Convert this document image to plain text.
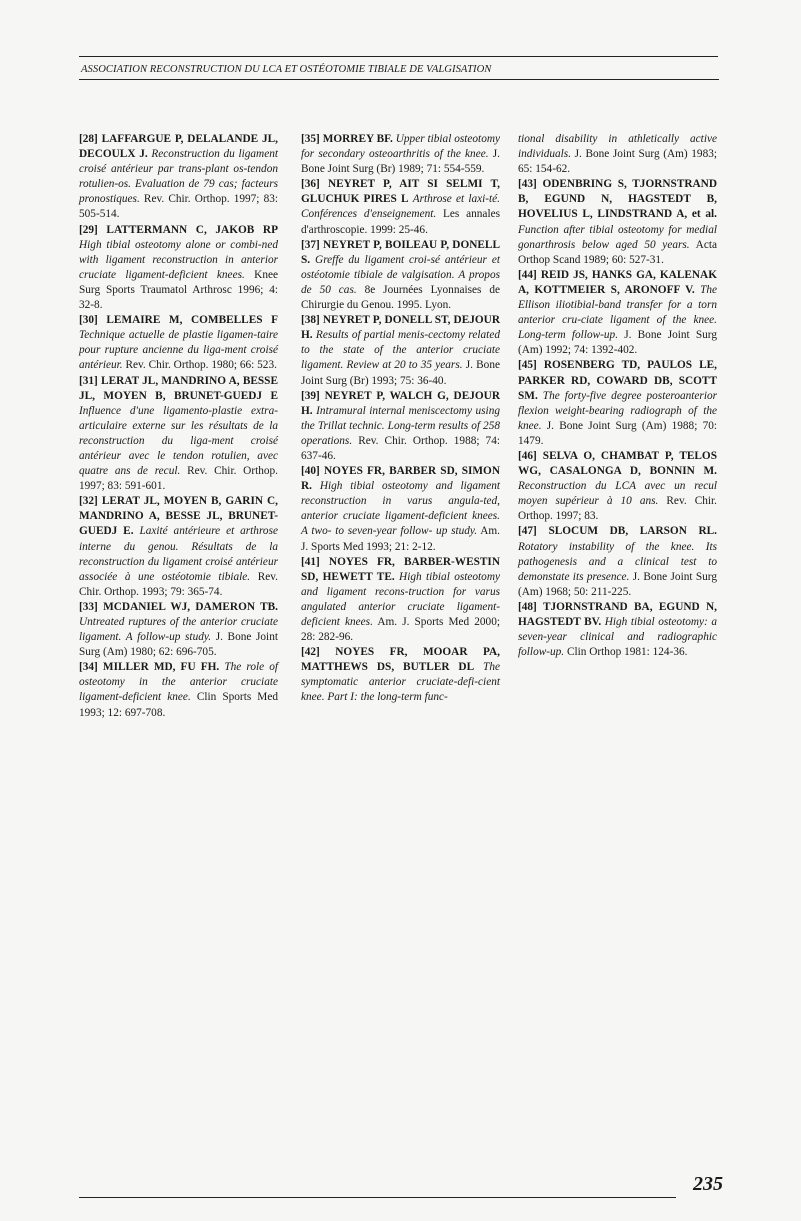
ASSOCIATION RECONSTRUCTION DU LCA ET OSTÉOTOMIE TIBIALE DE VALGISATION

[28] LAFFARGUE P, DELALANDE JL, DECOULX J. Reconstruction du ligament croisé antérieur par trans-plant os-tendon rotulien-os. Evaluation de 79 cas; facteurs pronostiques. Rev. Chir. Orthop. 1997; 83: 505-514.

[29] LATTERMANN C, JAKOB RP High tibial osteotomy alone or combi-ned with ligament reconstruction in anterior cruciate ligament-deficient knees. Knee Surg Sports Traumatol Arthrosc 1996; 4: 32-8.

[30] LEMAIRE M, COMBELLES F Technique actuelle de plastie ligamen-taire pour rupture ancienne du liga-ment croisé antérieur. Rev. Chir. Orthop. 1980; 66: 523.

[31] LERAT JL, MANDRINO A, BESSE JL, MOYEN B, BRUNET-GUEDJ E Influence d'une ligamento-plastie extra-articulaire externe sur les résultats de la reconstruction du liga-ment croisé antérieur avec le tendon rotulien, avec quatre ans de recul. Rev. Chir. Orthop. 1997; 83: 591-601.

[32] LERAT JL, MOYEN B, GARIN C, MANDRINO A, BESSE JL, BRUNET-GUEDJ E. Laxité antérieure et arthrose interne du genou. Résultats de la reconstruction du ligament croisé antérieur associée à une ostéotomie tibiale. Rev. Chir. Orthop. 1993; 79: 365-74.

[33] MCDANIEL WJ, DAMERON TB. Untreated ruptures of the anterior cruciate ligament. A follow-up study. J. Bone Joint Surg (Am) 1980; 62: 696-705.

[34] MILLER MD, FU FH. The role of osteotomy in the anterior cruciate ligament-deficient knee. Clin Sports Med 1993; 12: 697-708.

[35] MORREY BF. Upper tibial osteotomy for secondary osteoarthritis of the knee. J. Bone Joint Surg (Br) 1989; 71: 554-559.

[36] NEYRET P, AIT SI SELMI T, GLUCHUK PIRES L Arthrose et laxi-té. Conférences d'enseignement. Les annales d'arthroscopie. 1999: 25-46.

[37] NEYRET P, BOILEAU P, DONELL S. Greffe du ligament croi-sé antérieur et ostéotomie tibiale de valgisation. A propos de 50 cas. 8e Journées Lyonnaises de Chirurgie du Genou. 1995. Lyon.

[38] NEYRET P, DONELL ST, DEJOUR H. Results of partial menis-cectomy related to the state of the anterior cruciate ligament. Review at 20 to 35 years. J. Bone Joint Surg (Br) 1993; 75: 36-40.

[39] NEYRET P, WALCH G, DEJOUR H. Intramural internal meniscectomy using the Trillat technic. Long-term results of 258 operations. Rev. Chir. Orthop. 1988; 74: 637-46.

[40] NOYES FR, BARBER SD, SIMON R. High tibial osteotomy and ligament reconstruction in varus angula-ted, anterior cruciate ligament-deficient knees. A two- to seven-year follow- up study. Am. J. Sports Med 1993; 21: 2-12.

[41] NOYES FR, BARBER-WESTIN SD, HEWETT TE. High tibial osteotomy and ligament recons-truction for varus angulated anterior cruciate ligament-deficient knees. Am. J. Sports Med 2000; 28: 282-96.

[42] NOYES FR, MOOAR PA, MATTHEWS DS, BUTLER DL The symptomatic anterior cruciate-defi-cient knee. Part I: the long-term func-

tional disability in athletically active individuals. J. Bone Joint Surg (Am) 1983; 65: 154-62.

[43] ODENBRING S, TJORNSTRAND B, EGUND N, HAGSTEDT B, HOVELIUS L, LINDSTRAND A, et al. Function after tibial osteotomy for medial gonarthrosis below aged 50 years. Acta Orthop Scand 1989; 60: 527-31.

[44] REID JS, HANKS GA, KALENAK A, KOTTMEIER S, ARONOFF V. The Ellison iliotibial-band transfer for a torn anterior cru-ciate ligament of the knee. Long-term follow-up. J. Bone Joint Surg (Am) 1992; 74: 1392-402.

[45] ROSENBERG TD, PAULOS LE, PARKER RD, COWARD DB, SCOTT SM. The forty-five degree posteroanterior flexion weight-bearing radiograph of the knee. J. Bone Joint Surg (Am) 1988; 70: 1479.

[46] SELVA O, CHAMBAT P, TELOS WG, CASALONGA D, BONNIN M. Reconstruction du LCA avec un recul moyen supérieur à 10 ans. Rev. Chir. Orthop. 1997; 83.

[47] SLOCUM DB, LARSON RL. Rotatory instability of the knee. Its pathogenesis and a clinical test to demonstate its presence. J. Bone Joint Surg (Am) 1968; 50: 211-225.

[48] TJORNSTRAND BA, EGUND N, HAGSTEDT BV. High tibial osteotomy: a seven-year clinical and radiographic follow-up. Clin Orthop 1981: 124-36.

235
